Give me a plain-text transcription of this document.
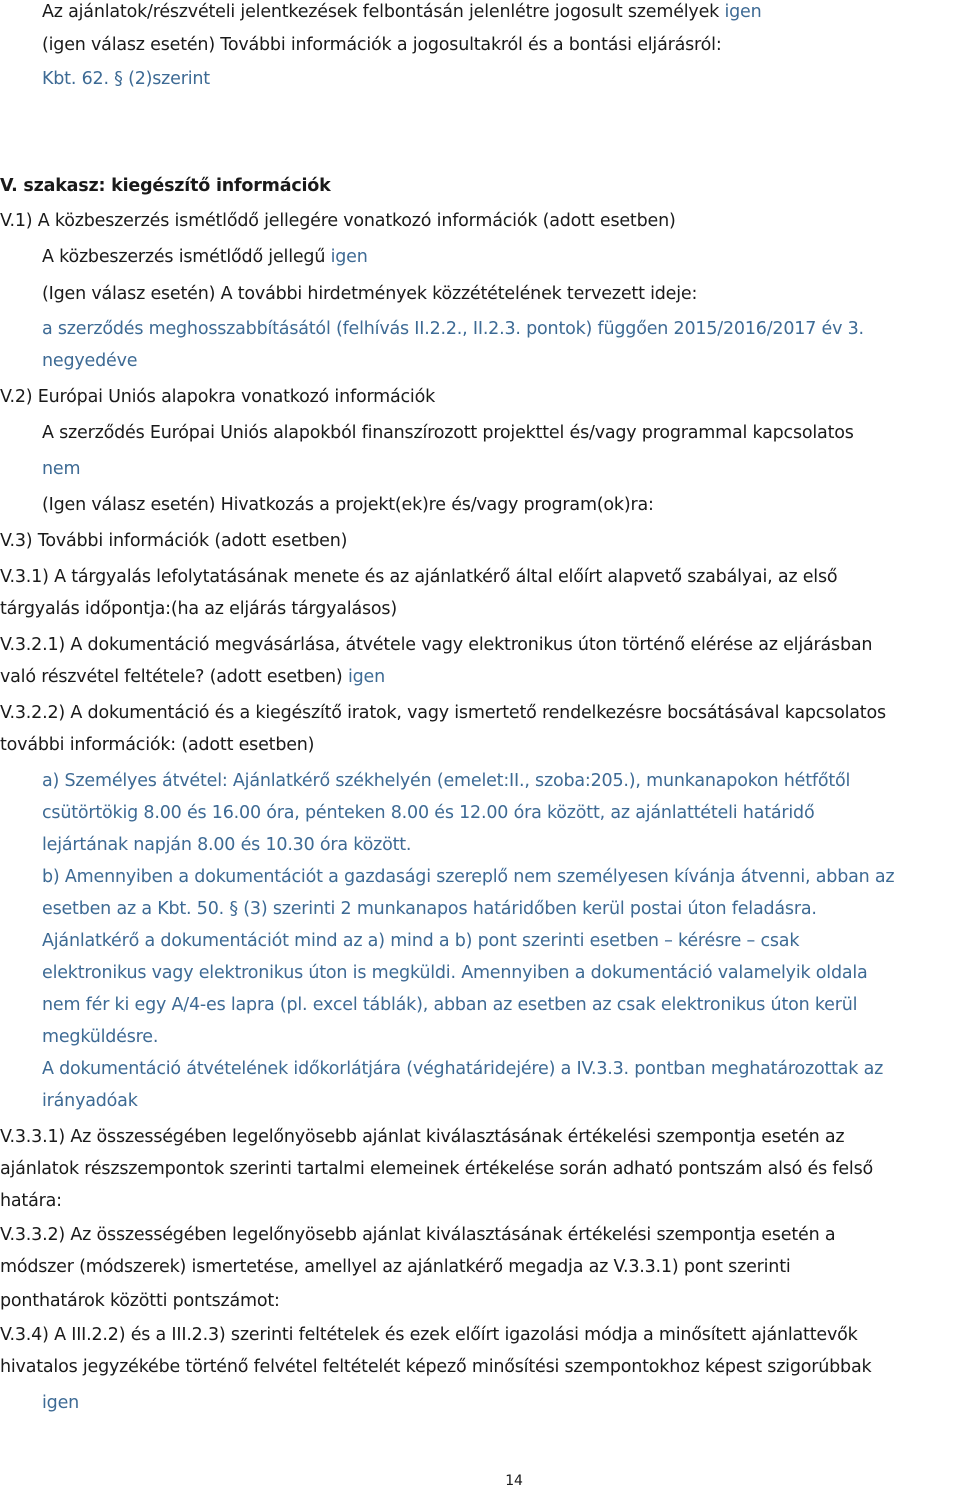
Az ajánlatok/részvételi jelentkezések felbontásán jelenlétre jogosult személyek igen
(igen válasz esetén) További információk a jogosultakról és a bontási eljárásról:
Kbt. 62. § (2)szerint
V. szakasz: kiegészítő információk
V.1) A közbeszerzés ismétlődő jellegére vonatkozó információk (adott esetben)
A közbeszerzés ismétlődő jellegű igen
(Igen válasz esetén) A további hirdetmények közzétételének tervezett ideje:
a szerződés meghosszabbításától (felhívás II.2.2., II.2.3. pontok) függően 2015/2016/2017 év 3.
negyedéve
V.2) Európai Uniós alapokra vonatkozó információk
A szerződés Európai Uniós alapokból finanszírozott projekttel és/vagy programmal kapcsolatos
nem
(Igen válasz esetén) Hivatkozás a projekt(ek)re és/vagy program(ok)ra:
V.3) További információk (adott esetben)
V.3.1) A tárgyalás lefolytatásának menete és az ajánlatkérő által előírt alapvető szabályai, az első
tárgyalás időpontja:(ha az eljárás tárgyalásos)
V.3.2.1) A dokumentáció megvásárlása, átvétele vagy elektronikus úton történő elérése az eljárásban
való részvétel feltétele? (adott esetben) igen
V.3.2.2) A dokumentáció és a kiegészítő iratok, vagy ismertető rendelkezésre bocsátásával kapcsolatos
további információk: (adott esetben)
a) Személyes átvétel: Ajánlatkérő székhelyén (emelet:II., szoba:205.), munkanapokon hétfőtől
csütörtökig 8.00 és 16.00 óra, pénteken 8.00 és 12.00 óra között, az ajánlattételi határidő
lejártának napján 8.00 és 10.30 óra között.
b) Amennyiben a dokumentációt a gazdasági szereplő nem személyesen kívánja átvenni, abban az
esetben az a Kbt. 50. § (3) szerinti 2 munkanapos határidőben kerül postai úton feladásra.
Ajánlatkérő a dokumentációt mind az a) mind a b) pont szerinti esetben – kérésre – csak
elektronikus vagy elektronikus úton is megküldi. Amennyiben a dokumentáció valamelyik oldala
nem fér ki egy A/4-es lapra (pl. excel táblák), abban az esetben az csak elektronikus úton kerül
megküldésre.
A dokumentáció átvételének időkorlátjára (véghatáridejére) a IV.3.3. pontban meghatározottak az
irányadóak
V.3.3.1) Az összességében legelőnyösebb ajánlat kiválasztásának értékelési szempontja esetén az
ajánlatok részszempontok szerinti tartalmi elemeinek értékelése során adható pontszám alsó és felső
határa:
V.3.3.2) Az összességében legelőnyösebb ajánlat kiválasztásának értékelési szempontja esetén a
módszer (módszerek) ismertetése, amellyel az ajánlatkérő megadja az V.3.3.1) pont szerinti
ponthatárok közötti pontszámot:
V.3.4) A III.2.2) és a III.2.3) szerinti feltételek és ezek előírt igazolási módja a minősített ajánlattevők
hivatalos jegyzékébe történő felvétel feltételét képező minősítési szempontokhoz képest szigorúbbak
igen
14
